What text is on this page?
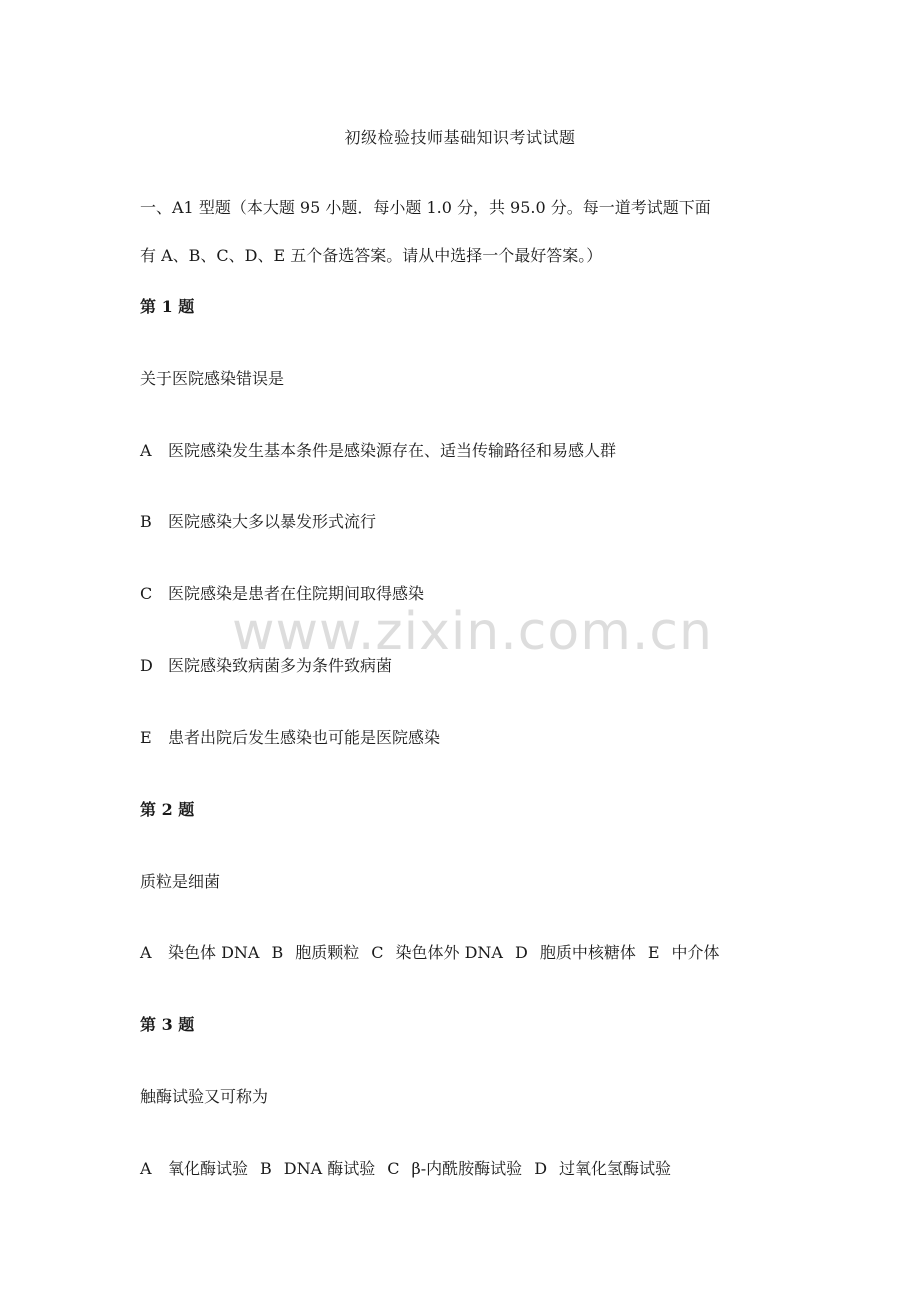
www.zixin.com.cn
初级检验技师基础知识考试试题
一、A1 型题（本大题 95 小题．每小题 1.0 分，共 95.0 分。每一道考试题下面
有 A、B、C、D、E 五个备选答案。请从中选择一个最好答案。）
第 1 题
关于医院感染错误是
A 医院感染发生基本条件是感染源存在、适当传输路径和易感人群
B 医院感染大多以暴发形式流行
C 医院感染是患者在住院期间取得感染
D 医院感染致病菌多为条件致病菌
E 患者出院后发生感染也可能是医院感染
第 2 题
质粒是细菌
A 染色体 DNA B 胞质颗粒 C 染色体外 DNA D 胞质中核糖体 E 中介体
第 3 题
触酶试验又可称为
A 氧化酶试验 B DNA 酶试验 C β-内酰胺酶试验 D 过氧化氢酶试验
